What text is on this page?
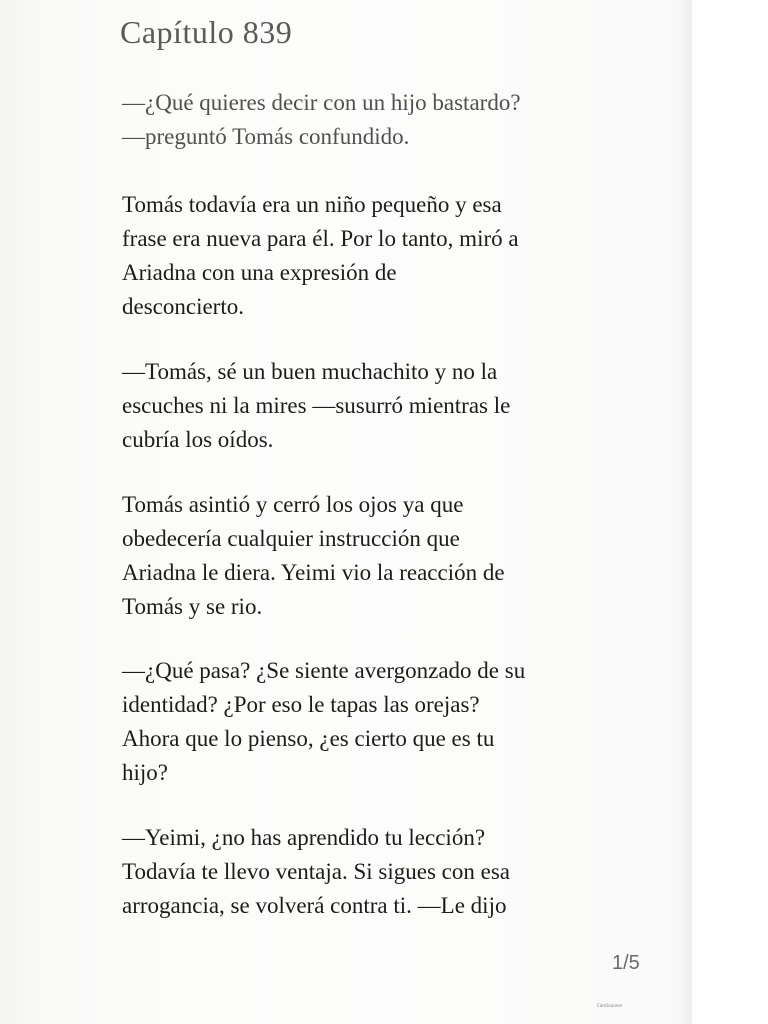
Capítulo 839
—¿Qué quieres decir con un hijo bastardo?
—preguntó Tomás confundido.
Tomás todavía era un niño pequeño y esa
frase era nueva para él. Por lo tanto, miró a
Ariadna con una expresión de
desconcierto.
—Tomás, sé un buen muchachito y no la
escuches ni la mires —susurró mientras le
cubría los oídos.
Tomás asintió y cerró los ojos ya que
obedecería cualquier instrucción que
Ariadna le diera. Yeimi vio la reacción de
Tomás y se rio.
—¿Qué pasa? ¿Se siente avergonzado de su
identidad? ¿Por eso le tapas las orejas?
Ahora que lo pienso, ¿es cierto que es tu
hijo?
—Yeimi, ¿no has aprendido tu lección?
Todavía te llevo ventaja. Si sigues con esa
arrogancia, se volverá contra ti. —Le dijo
1/5
CamScanner
